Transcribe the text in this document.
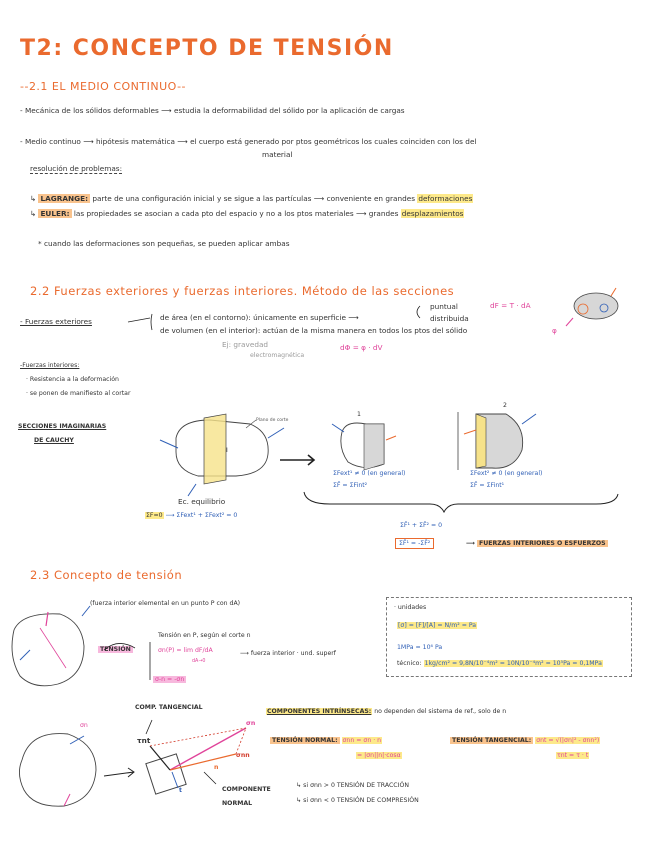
T2: CONCEPTO DE TENSIÓN
--2.1 EL MEDIO CONTINUO--
- Mecánica de los sólidos deformables ⟶ estudia la deformabilidad del sólido por la aplicación de cargas
- Medio continuo ⟶ hipótesis matemática ⟶ el cuerpo está generado por ptos geométricos los cuales coinciden con los del
material
resolución de problemas:
↳ LAGRANGE: parte de una configuración inicial y se sigue a las partículas ⟶ conveniente en grandes deformaciones
↳ EULER: las propiedades se asocian a cada pto del espacio y no a los ptos materiales ⟶ grandes desplazamientos
* cuando las deformaciones son pequeñas, se pueden aplicar ambas
2.2 Fuerzas exteriores y fuerzas interiores. Método de las secciones
- Fuerzas exteriores	de área (en el contorno): únicamente en superficie ⟶
puntual
distribuida
dF = T · dA
de volumen (en el interior): actúan de la misma manera en todos los ptos del sólido	φ
Ej: gravedad
electromagnética
dΦ = φ · dV
-Fuerzas interiores:
· Resistencia a la deformación
· se ponen de manifiesto al cortar
SECCIONES IMAGINARIAS
DE CAUCHY
Plano de corte
I
1
2
ΣFext¹ ≠ 0 (en general)
ΣF̄ = ΣFint²
ΣFext² ≠ 0 (en general)
ΣF̄ = ΣFint¹
Ec. equilibrio
ΣF=0 ⟶ ΣFext¹ + ΣFext² = 0
ΣF̄¹ + ΣF̄² = 0
ΣF̄¹ = -ΣF̄²	⟶ FUERZAS INTERIORES O ESFUERZOS
2.3 Concepto de tensión
(fuerza interior elemental en un punto P con dA)
TENSIÓN
Tensión en P, según el corte n
σn(P) = lim dF/dA
dA→0
⟶ fuerza interior · und. superf
σ-n = -σn
· unidades
[σ] = [F]/[A] = N/m² = Pa
1MPa = 10⁶ Pa
técnico: 1kg/cm² = 9,8N/10⁻⁴m² = 10N/10⁻⁴m² = 10⁵Pa = 0,1MPa
COMP. TANGENCIAL
σn
τnt
σn
σnn
t
n
COMPONENTE
NORMAL
COMPONENTES INTRÍNSECAS: no dependen del sistema de ref., solo de n
TENSIÓN NORMAL: σnn = σn · n
= |σn||n|·cosα
TENSIÓN TANGENCIAL: σnt = √(|σn|² - σnn²)
τnt = τ · t
↳ si σnn > 0 TENSIÓN DE TRACCIÓN
↳ si σnn < 0 TENSIÓN DE COMPRESIÓN
